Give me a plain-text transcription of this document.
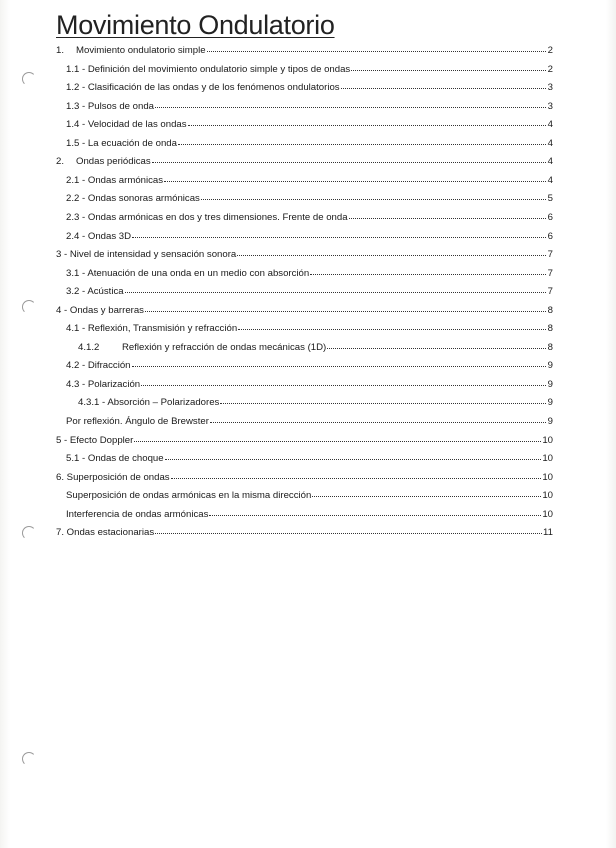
Movimiento Ondulatorio
1.	Movimiento ondulatorio simple	2
1.1 - Definición del movimiento ondulatorio simple y tipos de ondas	2
1.2 - Clasificación de las ondas y de los fenómenos ondulatorios	3
1.3 - Pulsos de onda	3
1.4 - Velocidad de las ondas	4
1.5 - La ecuación de onda	4
2.	Ondas periódicas	4
2.1 - Ondas armónicas	4
2.2 - Ondas sonoras armónicas	5
2.3 - Ondas armónicas en dos y tres dimensiones. Frente de onda	6
2.4 - Ondas 3D	6
3 - Nivel de intensidad y sensación sonora	7
3.1 - Atenuación de una onda en un medio con absorción	7
3.2 - Acústica	7
4 - Ondas y barreras	8
4.1 - Reflexión, Transmisión y refracción	8
4.1.2	Reflexión y refracción de ondas mecánicas (1D)	8
4.2 - Difracción	9
4.3 - Polarización	9
4.3.1 - Absorción – Polarizadores	9
Por reflexión. Ángulo de Brewster	9
5 - Efecto Doppler	10
5.1 - Ondas de choque	10
6. Superposición de ondas	10
Superposición de ondas armónicas en la misma dirección	10
Interferencia de ondas armónicas	10
7. Ondas estacionarias	11
